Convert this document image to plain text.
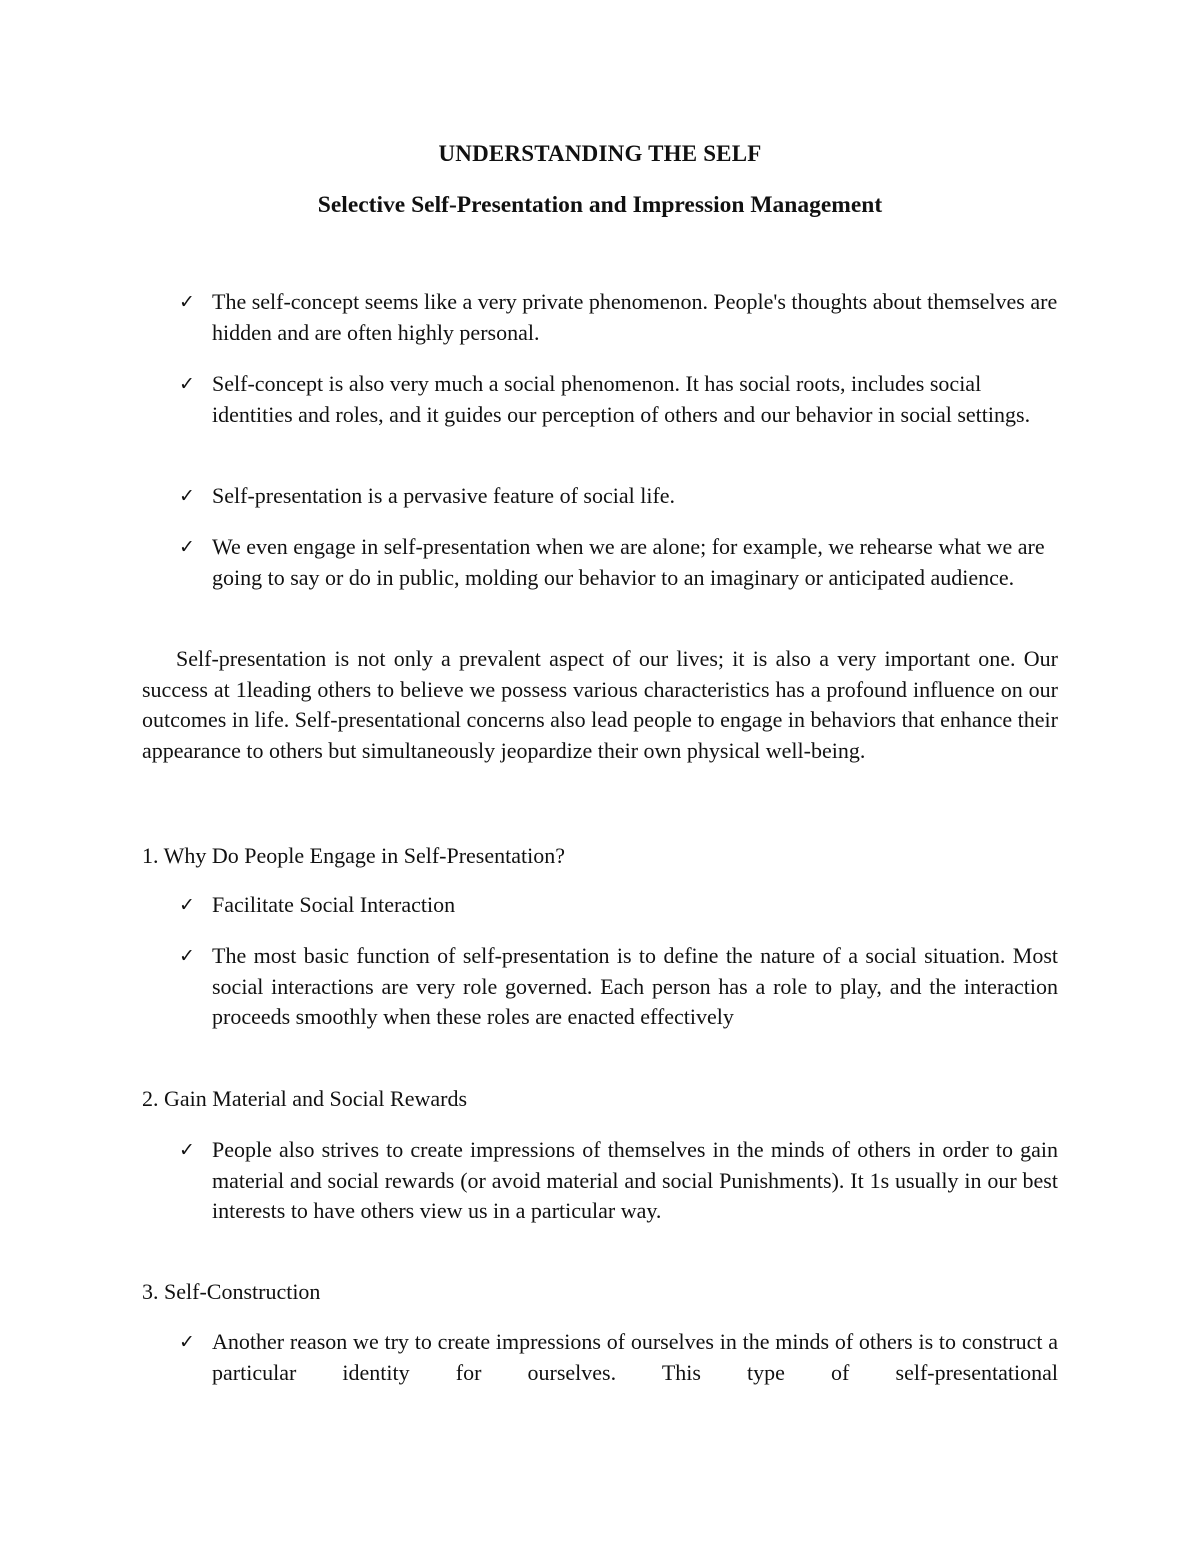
UNDERSTANDING THE SELF
Selective Self-Presentation and Impression Management
✓ The self-concept seems like a very private phenomenon. People's thoughts about themselves are hidden and are often highly personal.
✓ Self-concept is also very much a social phenomenon. It has social roots, includes social identities and roles, and it guides our perception of others and our behavior in social settings.
✓ Self-presentation is a pervasive feature of social life.
✓ We even engage in self-presentation when we are alone; for example, we rehearse what we are going to say or do in public, molding our behavior to an imaginary or anticipated audience.
Self-presentation is not only a prevalent aspect of our lives; it is also a very important one. Our success at 1leading others to believe we possess various characteristics has a profound influence on our outcomes in life. Self-presentational concerns also lead people to engage in behaviors that enhance their appearance to others but simultaneously jeopardize their own physical well-being.
1. Why Do People Engage in Self-Presentation?
✓ Facilitate Social Interaction
✓ The most basic function of self-presentation is to define the nature of a social situation. Most social interactions are very role governed. Each person has a role to play, and the interaction proceeds smoothly when these roles are enacted effectively
2. Gain Material and Social Rewards
✓ People also strives to create impressions of themselves in the minds of others in order to gain material and social rewards (or avoid material and social Punishments). It 1s usually in our best interests to have others view us in a particular way.
3. Self-Construction
✓ Another reason we try to create impressions of ourselves in the minds of others is to construct a particular identity for ourselves. This type of self-presentational
